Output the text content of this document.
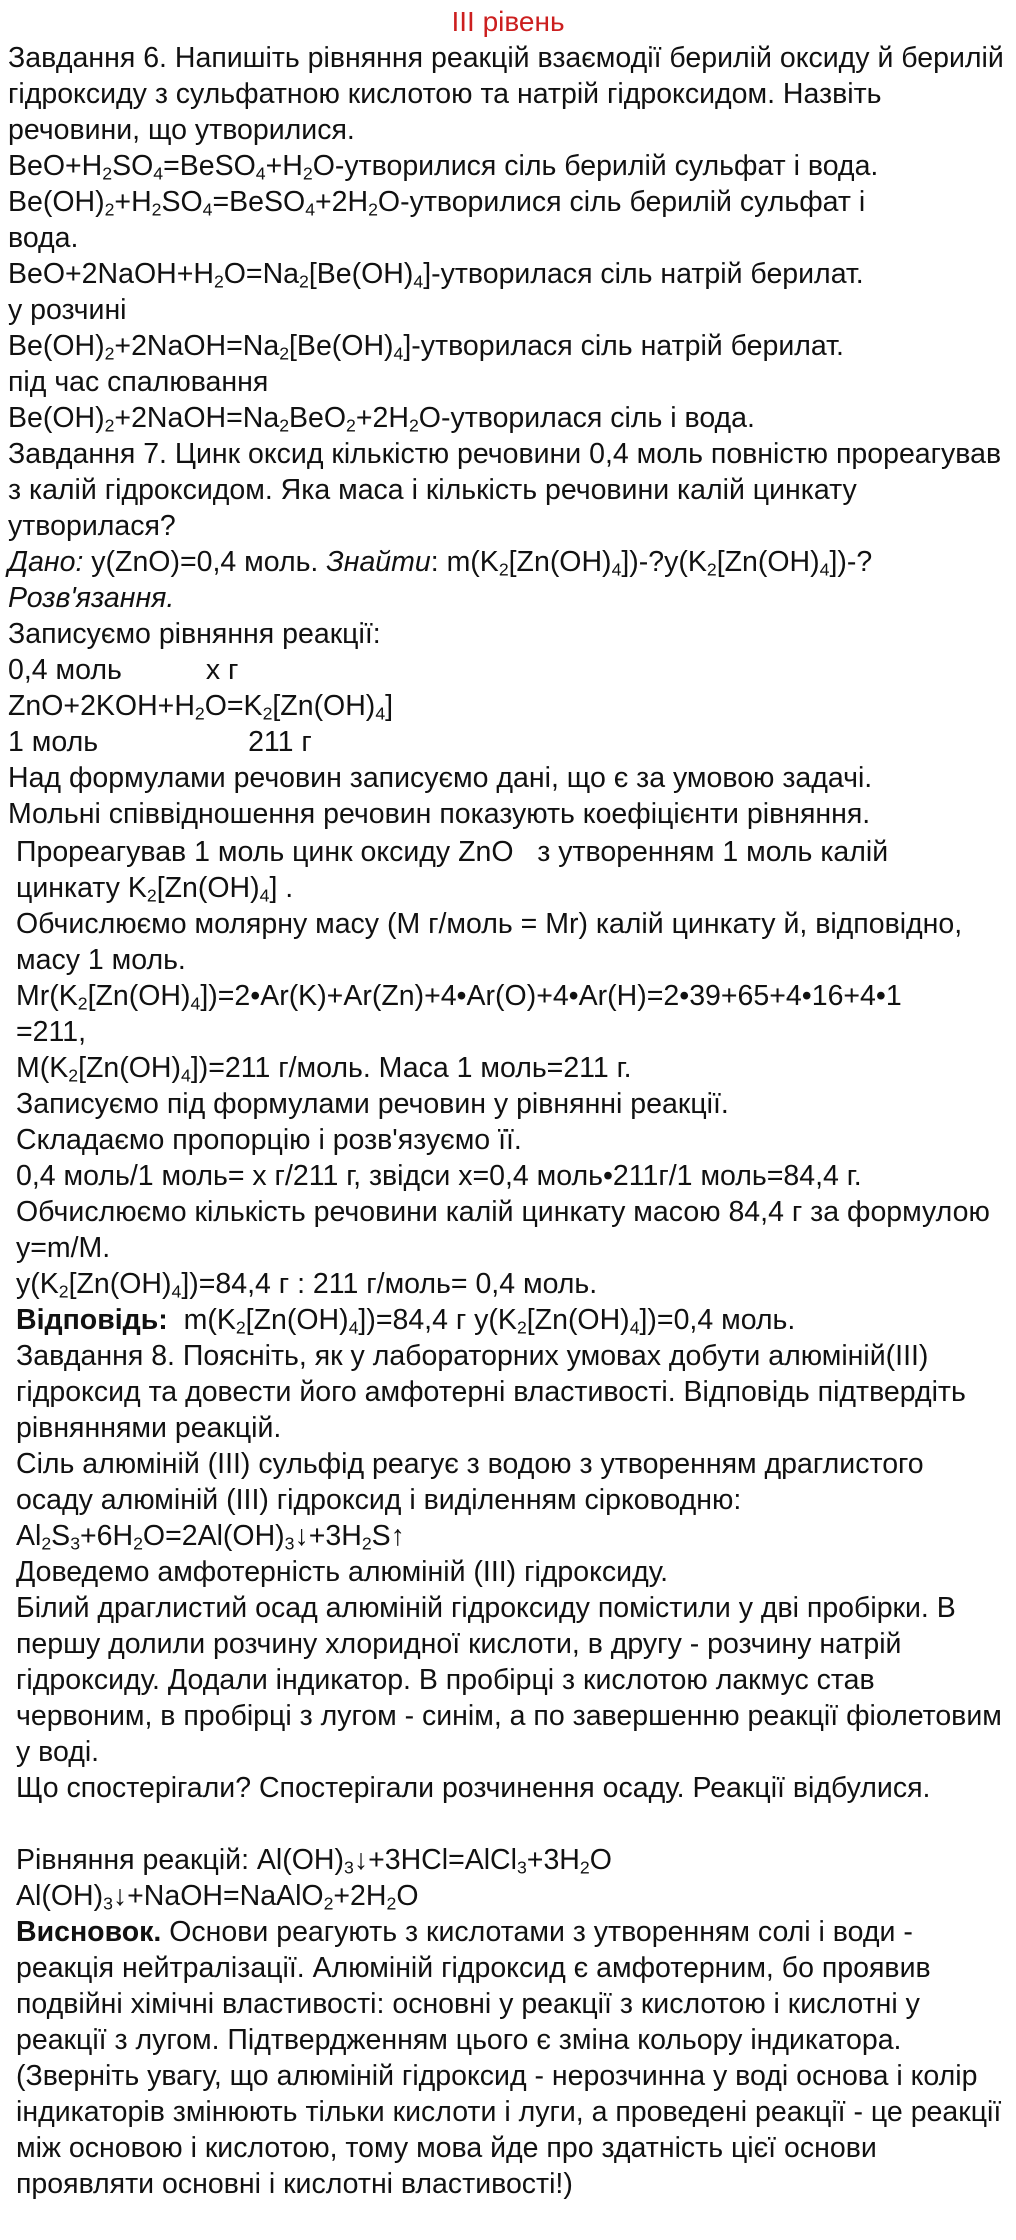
ІІІ рівень
Завдання 6. Напишіть рівняння реакцій взаємодії берилій оксиду й берилій гідроксиду з сульфатною кислотою та натрій гідроксидом. Назвіть речовини, що утворилися.
$BeO+H_2SO_4=BeSO_4+H_2O$-утворилися сіль берилій сульфат і вода.
$Be(OH)_2+H_2SO_4=BeSO_4+2H_2O$-утворилися сіль берилій сульфат і
вода.
$BeO+2NaOH+H_2O=Na_2[Be(OH)_4]$-утворилася сіль натрій берилат.
у розчині
$Be(OH)_2+2NaOH=Na_2[Be(OH)_4]$-утворилася сіль натрій берилат.
під час спалювання
$Be(OH)_2+2NaOH=Na_2BeO_2+2H_2O$-утворилася сіль і вода.
Завдання 7. Цинк оксид кількістю речовини 0,4 моль повністю прореагував з калій гідроксидом. Яка маса і кількість речовини калій цинкату утворилася?
Дано: y(ZnO)=0,4 моль. Знайти: $m(K_2[Zn(OH)_4])-?y(K_2[Zn(OH)_4])-$?
Розв'язання.
Записуємо рівняння реакції:
0,4 моль	х г
$ZnO+2KOH+H_2O=K_2[Zn(OH)_4]$
1 моль	211 г
Над формулами речовин записуємо дані, що є за умовою задачі.
Мольні співвідношення речовин показують коефіцієнти рівняння.
Прореагував 1 моль цинк оксиду ZnO   з утворенням 1 моль калій
цинкату $K_2[Zn(OH)_4]$ .
Обчислюємо молярну масу (M г/моль = Mr) калій цинкату й, відповідно, масу 1 моль.
$Mr(K_2[Zn(OH)_4])=2•Ar(K)+Ar(Zn)+4•Ar(O)+4•Ar(H)=2•39+65+4•16+4•1$
=211,
$M(K_2[Zn(OH)_4])=211$ г/моль. Маса 1 моль=211 г.
Записуємо під формулами речовин у рівнянні реакції.
Складаємо пропорцію і розв'язуємо її.
0,4 моль/1 моль= х г/211 г, звідси х=0,4 моль•211г/1 моль=84,4 г.
Обчислюємо кількість речовини калій цинкату масою 84,4 г за формулою y=m/M.
$y(K_2[Zn(OH)_4])=84,4$ г : 211 г/моль= 0,4 моль.
Відповідь:  $m(K_2[Zn(OH)_4])=84,4$ г $y(K_2[Zn(OH)_4])=0,4$ моль.
Завдання 8. Поясніть, як у лабораторних умовах добути алюміній(ІІІ) гідроксид та довести його амфотерні властивості. Відповідь підтвердіть рівняннями реакцій.
Сіль алюміній (ІІІ) сульфід реагує з водою з утворенням драглистого осаду алюміній (ІІІ) гідроксид і виділенням сірководню:
$Al_2S_3+6H_2O=2Al(OH)_3↓+3H_2S↑$
Доведемо амфотерність алюміній (ІІІ) гідроксиду.
Білий драглистий осад алюміній гідроксиду помістили у дві пробірки. В першу долили розчину хлоридної кислоти, в другу - розчину натрій гідроксиду. Додали індикатор. В пробірці з кислотою лакмус став червоним, в пробірці з лугом - синім, а по завершенню реакції фіолетовим у воді.
Що спостерігали? Спостерігали розчинення осаду. Реакції відбулися.
Рівняння реакцій: $Al(OH)_3↓+3HCl=AlCl_3+3H_2O$
$Al(OH)_3↓+NaOH=NaAlO_2+2H_2O$
Висновок. Основи реагують з кислотами з утворенням солі і води - реакція нейтралізації. Алюміній гідроксид є амфотерним, бо проявив подвійні хімічні властивості: основні у реакції з кислотою і кислотні у реакції з лугом. Підтвердженням цього є зміна кольору індикатора. (Зверніть увагу, що алюміній гідроксид - нерозчинна у воді основа і колір індикаторів змінюють тільки кислоти і луги, а проведені реакції - це реакції між основою і кислотою, тому мова йде про здатність цієї основи проявляти основні і кислотні властивості!)
